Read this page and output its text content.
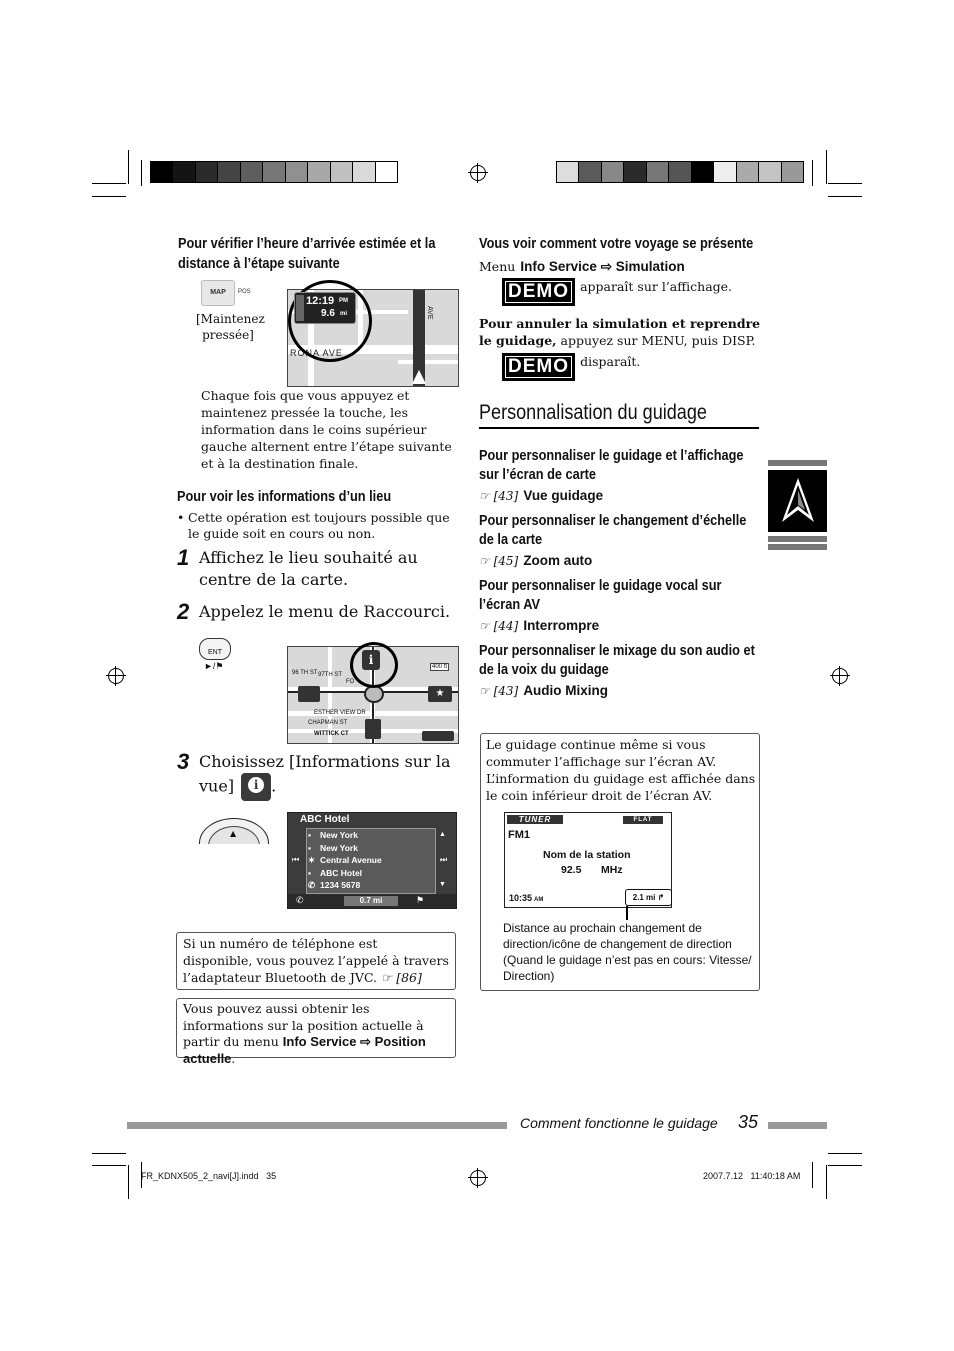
Pour vérifier l’heure d’arrivée estimée et la distance à l’étape suivante
MAP	POS
[Maintenez pressée]
RONA AVE
AVE
12:19 PM
9.6 mi
Chaque fois que vous appuyez et maintenez pressée la touche, les information dans le coins supérieur gauche alternent entre l’étape suivante et à la destination finale.
Pour voir les informations d’un lieu
• Cette opération est toujours possible que le guide soit en cours ou non.
1 Affichez le lieu souhaité au centre de la carte.
2 Appelez le menu de Raccourci.
ENT
►/⚑	400 ft
96 TH ST 97TH ST
FO
ESTHER VIEW DR
CHAPMAN ST
WITTICK CT
★
i
3 Choisissez [Informations sur la vue]	i .
▲
ABC Hotel
▪ New York
▪ New York
✶ Central Avenue
▪ ABC Hotel
✆ 1234 5678
▲
▼
⏮	⏭
✆	0.7 mi	⚑
Si un numéro de téléphone est disponible, vous pouvez l’appelé à travers l’adaptateur Bluetooth de JVC. ☞ [86]
Vous pouvez aussi obtenir les informations sur la position actuelle à partir du menu Info Service ⇨ Position actuelle.
Vous voir comment votre voyage se présente
Menu Info Service ⇨ Simulation
DEMO $^{apparaît sur l’affichage.}$
Pour annuler la simulation et reprendre le guidage, appuyez sur MENU, puis DISP.
DEMO $^{disparaît.}$
Personnalisation du guidage
Pour personnaliser le guidage et l’affichage sur l’écran de carte
☞ [43] Vue guidage
Pour personnaliser le changement d’échelle de la carte
☞ [45] Zoom auto
Pour personnaliser le guidage vocal sur l’écran AV
☞ [44] Interrompre
Pour personnaliser le mixage du son audio et de la voix du guidage
☞ [43] Audio Mixing
Le guidage continue même si vous commuter l’affichage sur l’écran AV. L’information du guidage est affichée dans le coin inférieur droit de l’écran AV.
TUNER	FLAT
FM1
Nom de la station
92.5 MHz
10:35 AM	2.1 mi ↱
Distance au prochain changement de direction/icône de changement de direction (Quand le guidage n’est pas en cours: Vitesse/ Direction)
Comment fonctionne le guidage 35
FR_KDNX505_2_navi[J].indd   35	2007.7.12   11:40:18 AM
